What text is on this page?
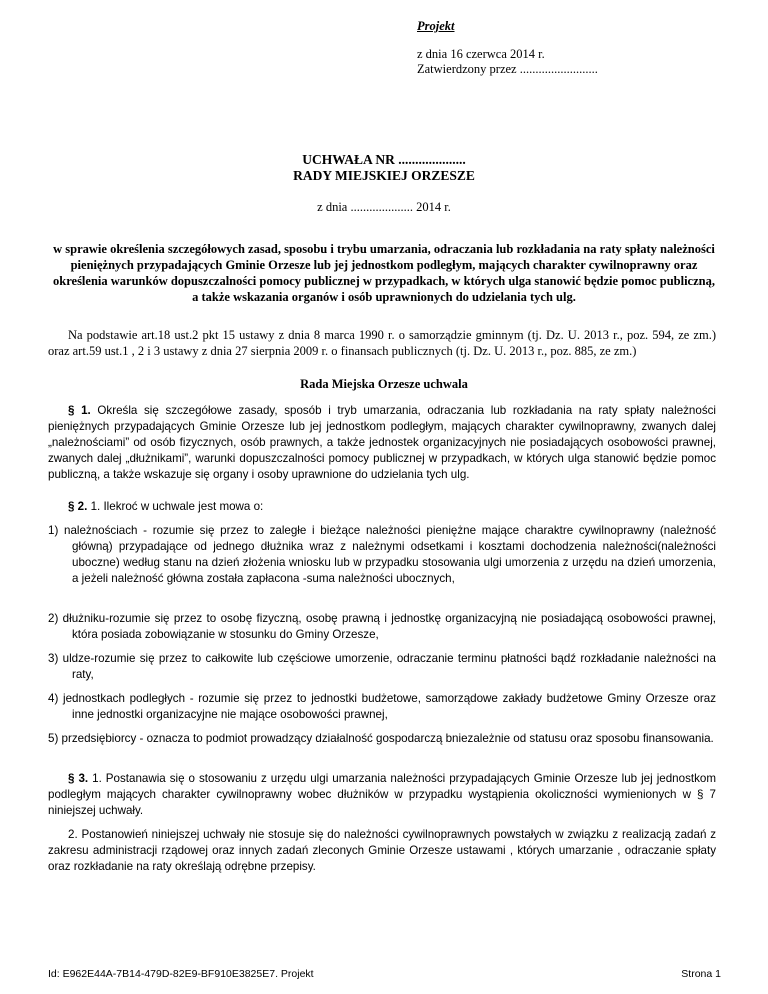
Projekt
z dnia 16 czerwca 2014 r.
Zatwierdzony przez .........................
UCHWAŁA NR ....................
RADY MIEJSKIEJ ORZESZE
z dnia .................... 2014 r.
w sprawie określenia szczegółowych zasad, sposobu i trybu umarzania, odraczania lub rozkładania na raty spłaty należności pieniężnych przypadających Gminie Orzesze lub jej jednostkom podległym, mających charakter cywilnoprawny oraz określenia warunków dopuszczalności pomocy publicznej w przypadkach, w których ulga stanowić będzie pomoc publiczną, a także wskazania organów i osób uprawnionych do udzielania tych ulg.
Na podstawie art.18 ust.2 pkt 15 ustawy z dnia 8 marca 1990 r. o samorządzie gminnym (tj. Dz. U. 2013 r., poz. 594, ze zm.) oraz art.59 ust.1 , 2 i 3 ustawy z dnia 27 sierpnia 2009 r. o finansach publicznych (tj. Dz. U. 2013 r., poz. 885, ze zm.)
Rada Miejska Orzesze uchwala
§ 1. Określa się szczegółowe zasady, sposób i tryb umarzania, odraczania lub rozkładania na raty spłaty należności pieniężnych przypadających Gminie Orzesze lub jej jednostkom podległym, mających charakter cywilnoprawny, zwanych dalej „należnościami” od osób fizycznych, osób prawnych, a także jednostek organizacyjnych nie posiadających osobowości prawnej, zwanych dalej „dłużnikami”, warunki dopuszczalności pomocy publicznej w przypadkach, w których ulga stanowić będzie pomoc publiczną, a także wskazuje się organy i osoby uprawnione do udzielania tych ulg.
§ 2. 1. Ilekroć w uchwale jest mowa o:
1) należnościach - rozumie się przez to zaległe i bieżące należności pieniężne mające charaktre cywilnoprawny (należność główną) przypadające od jednego dłużnika wraz z należnymi odsetkami i kosztami dochodzenia należności(należności uboczne) według stanu na dzień złożenia wniosku lub w przypadku stosowania ulgi umorzenia z urzędu na dzień umorzenia, a jeżeli należność główna została zapłacona -suma należności ubocznych,
2) dłużniku-rozumie się przez to osobę fizyczną, osobę prawną i jednostkę organizacyjną nie posiadającą osobowości prawnej, która posiada zobowiązanie w stosunku do Gminy Orzesze,
3) uldze-rozumie się przez to całkowite lub częściowe umorzenie, odraczanie terminu płatności bądź rozkładanie należności na raty,
4) jednostkach podległych - rozumie się przez to jednostki budżetowe, samorządowe zakłady budżetowe Gminy Orzesze oraz inne jednostki organizacyjne nie mające osobowości prawnej,
5) przedsiębiorcy - oznacza to podmiot prowadzący działalność gospodarczą bniezależnie od statusu oraz sposobu finansowania.
§ 3. 1. Postanawia się o stosowaniu z urzędu ulgi umarzania należności przypadających Gminie Orzesze lub jej jednostkom podległym mających charakter cywilnoprawny wobec dłużników w przypadku wystąpienia okoliczności wymienionych w § 7 niniejszej uchwały.
2. Postanowień niniejszej uchwały nie stosuje się do należności cywilnoprawnych powstałych w związku z realizacją zadań z zakresu administracji rządowej oraz innych zadań zleconych Gminie Orzesze ustawami , których umarzanie , odraczanie spłaty oraz rozkładanie na raty określają odrębne przepisy.
Id: E962E44A-7B14-479D-82E9-BF910E3825E7. Projekt	Strona 1
